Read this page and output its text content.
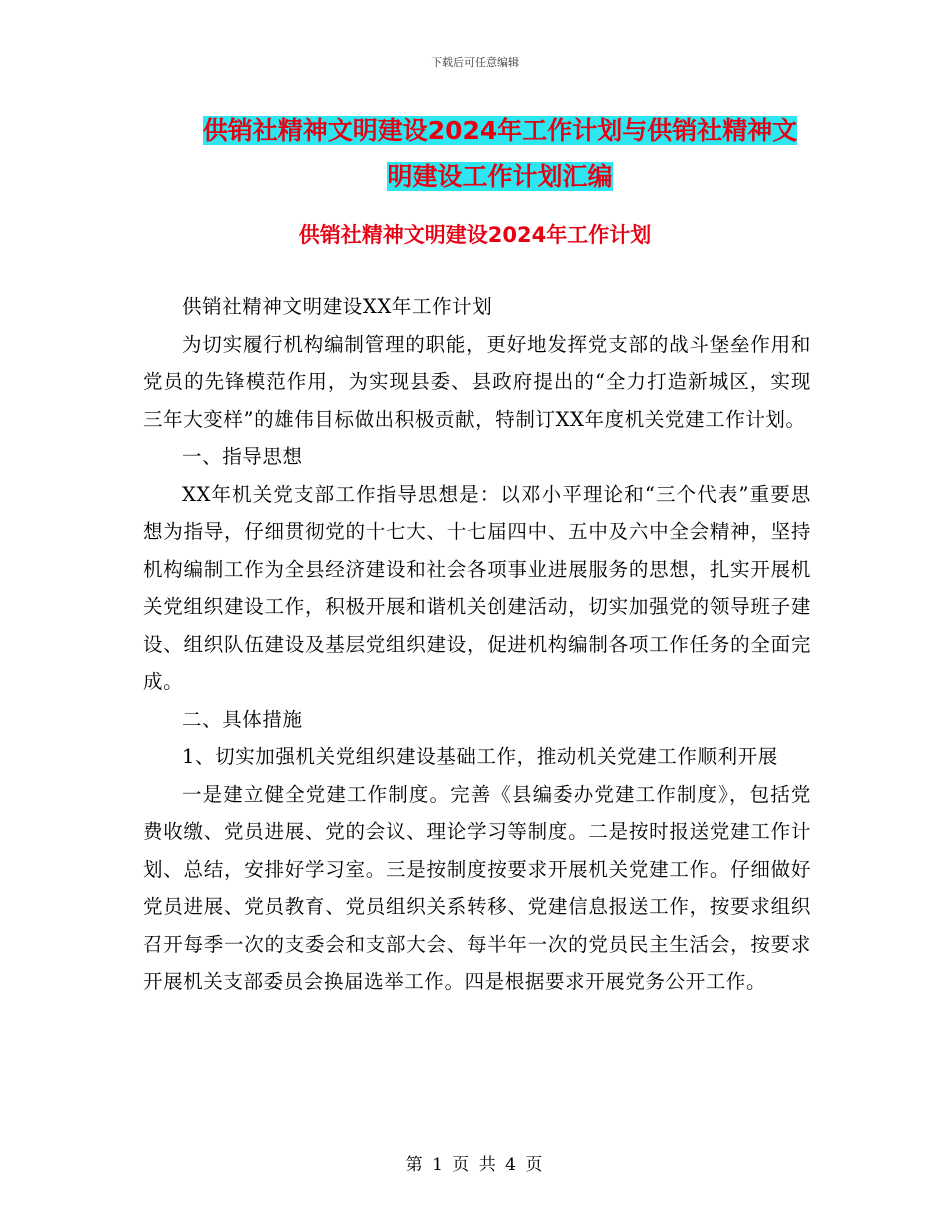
下载后可任意编辑
供销社精神文明建设2024年工作计划与供销社精神文
明建设工作计划汇编
供销社精神文明建设2024年工作计划

供销社精神文明建设XX年工作计划

为切实履行机构编制管理的职能，更好地发挥党支部的战斗堡垒作用和党员的先锋模范作用，为实现县委、县政府提出的“全力打造新城区，实现三年大变样”的雄伟目标做出积极贡献，特制订XX年度机关党建工作计划。

一、指导思想

XX年机关党支部工作指导思想是：以邓小平理论和“三个代表”重要思想为指导，仔细贯彻党的十七大、十七届四中、五中及六中全会精神，坚持机构编制工作为全县经济建设和社会各项事业进展服务的思想，扎实开展机关党组织建设工作，积极开展和谐机关创建活动，切实加强党的领导班子建设、组织队伍建设及基层党组织建设，促进机构编制各项工作任务的全面完成。

二、具体措施

1、切实加强机关党组织建设基础工作，推动机关党建工作顺利开展

一是建立健全党建工作制度。完善《县编委办党建工作制度》，包括党费收缴、党员进展、党的会议、理论学习等制度。二是按时报送党建工作计划、总结，安排好学习室。三是按制度按要求开展机关党建工作。仔细做好党员进展、党员教育、党员组织关系转移、党建信息报送工作，按要求组织召开每季一次的支委会和支部大会、每半年一次的党员民主生活会，按要求开展机关支部委员会换届选举工作。四是根据要求开展党务公开工作。

第 1 页 共 4 页
